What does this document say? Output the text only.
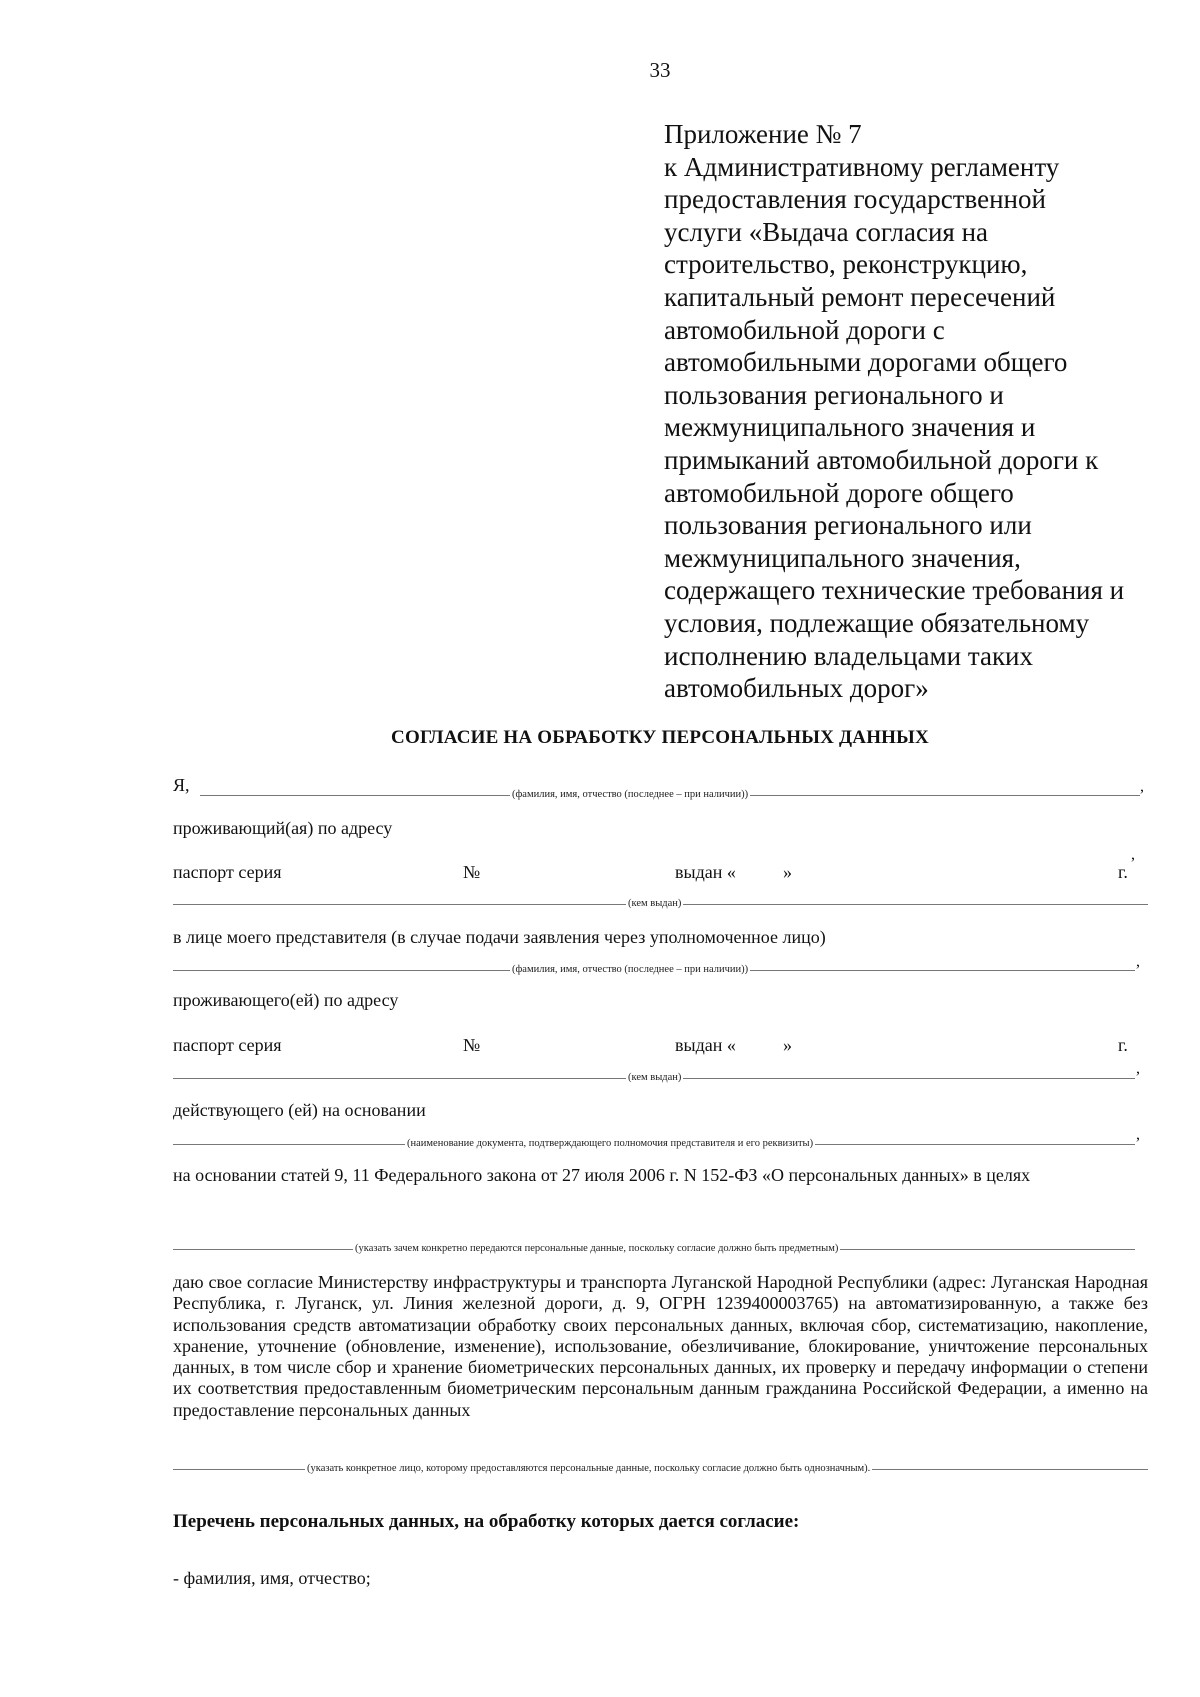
33
Приложение № 7
к Административному регламенту
предоставления государственной
услуги «Выдача согласия на
строительство, реконструкцию,
капитальный ремонт пересечений
автомобильной дороги с
автомобильными дорогами общего
пользования регионального и
межмуниципального значения и
примыканий автомобильной дороги к
автомобильной дороге общего
пользования регионального или
межмуниципального значения,
содержащего технические требования и
условия, подлежащие обязательному
исполнению владельцами таких
автомобильных дорог»
СОГЛАСИЕ НА ОБРАБОТКУ ПЕРСОНАЛЬНЫХ ДАННЫХ
Я,	(фамилия, имя, отчество (последнее – при наличии))	,
проживающий(ая) по адресу
паспорт серия	№	выдан «	»	г.
,
(кем выдан)
в лице моего представителя (в случае подачи заявления через уполномоченное лицо)
(фамилия, имя, отчество (последнее – при наличии))	,
проживающего(ей) по адресу
паспорт серия	№	выдан «	»	г.
(кем выдан)
,
действующего (ей) на основании
(наименование документа, подтверждающего полномочия представителя и его реквизиты)
,
на основании статей 9, 11 Федерального закона от 27 июля 2006 г. N 152-ФЗ «О персональных данных» в целях
(указать зачем конкретно передаются персональные данные, поскольку согласие должно быть предметным)
даю свое согласие Министерству инфраструктуры и транспорта Луганской Народной Республики (адрес: Луганская Народная Республика, г. Луганск, ул. Линия железной дороги, д. 9, ОГРН 1239400003765) на автоматизированную, а также без использования средств автоматизации обработку своих персональных данных, включая сбор, систематизацию, накопление, хранение, уточнение (обновление, изменение), использование, обезличивание, блокирование, уничтожение персональных данных, в том числе сбор и хранение биометрических персональных данных, их проверку и передачу информации о степени их соответствия предоставленным биометрическим персональным данным гражданина Российской Федерации, а именно на предоставление персональных данных
(указать конкретное лицо, которому предоставляются персональные данные, поскольку согласие должно быть однозначным).
Перечень персональных данных, на обработку которых дается согласие:
- фамилия, имя, отчество;
